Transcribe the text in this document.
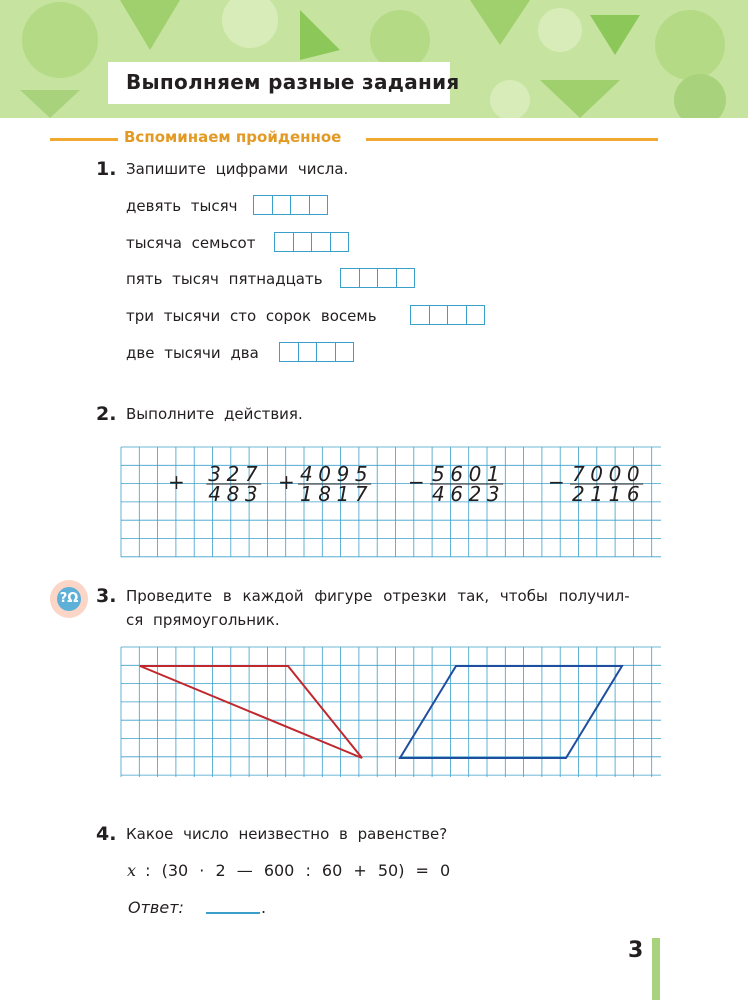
Выполняем разные задания
Вспоминаем пройденное
1. Запишите цифрами числа.
девять тысяч
тысяча семьсот
пять тысяч пятнадцать
три тысячи сто сорок восемь
две тысячи два
2. Выполните действия.
+ 3 2 7
4 8 3 + 4 0 9 5
1 8 1 7 − 5 6 0 1
4 6 2 3 − 7 0 0 0
2 1 1 6
?Ω 3. Проведите в каждой фигуре отрезки так, чтобы получил-
ся прямоугольник.
4. Какое число неизвестно в равенстве?
x : (30 · 2 — 600 : 60 + 50) = 0
Ответ:	.
3
